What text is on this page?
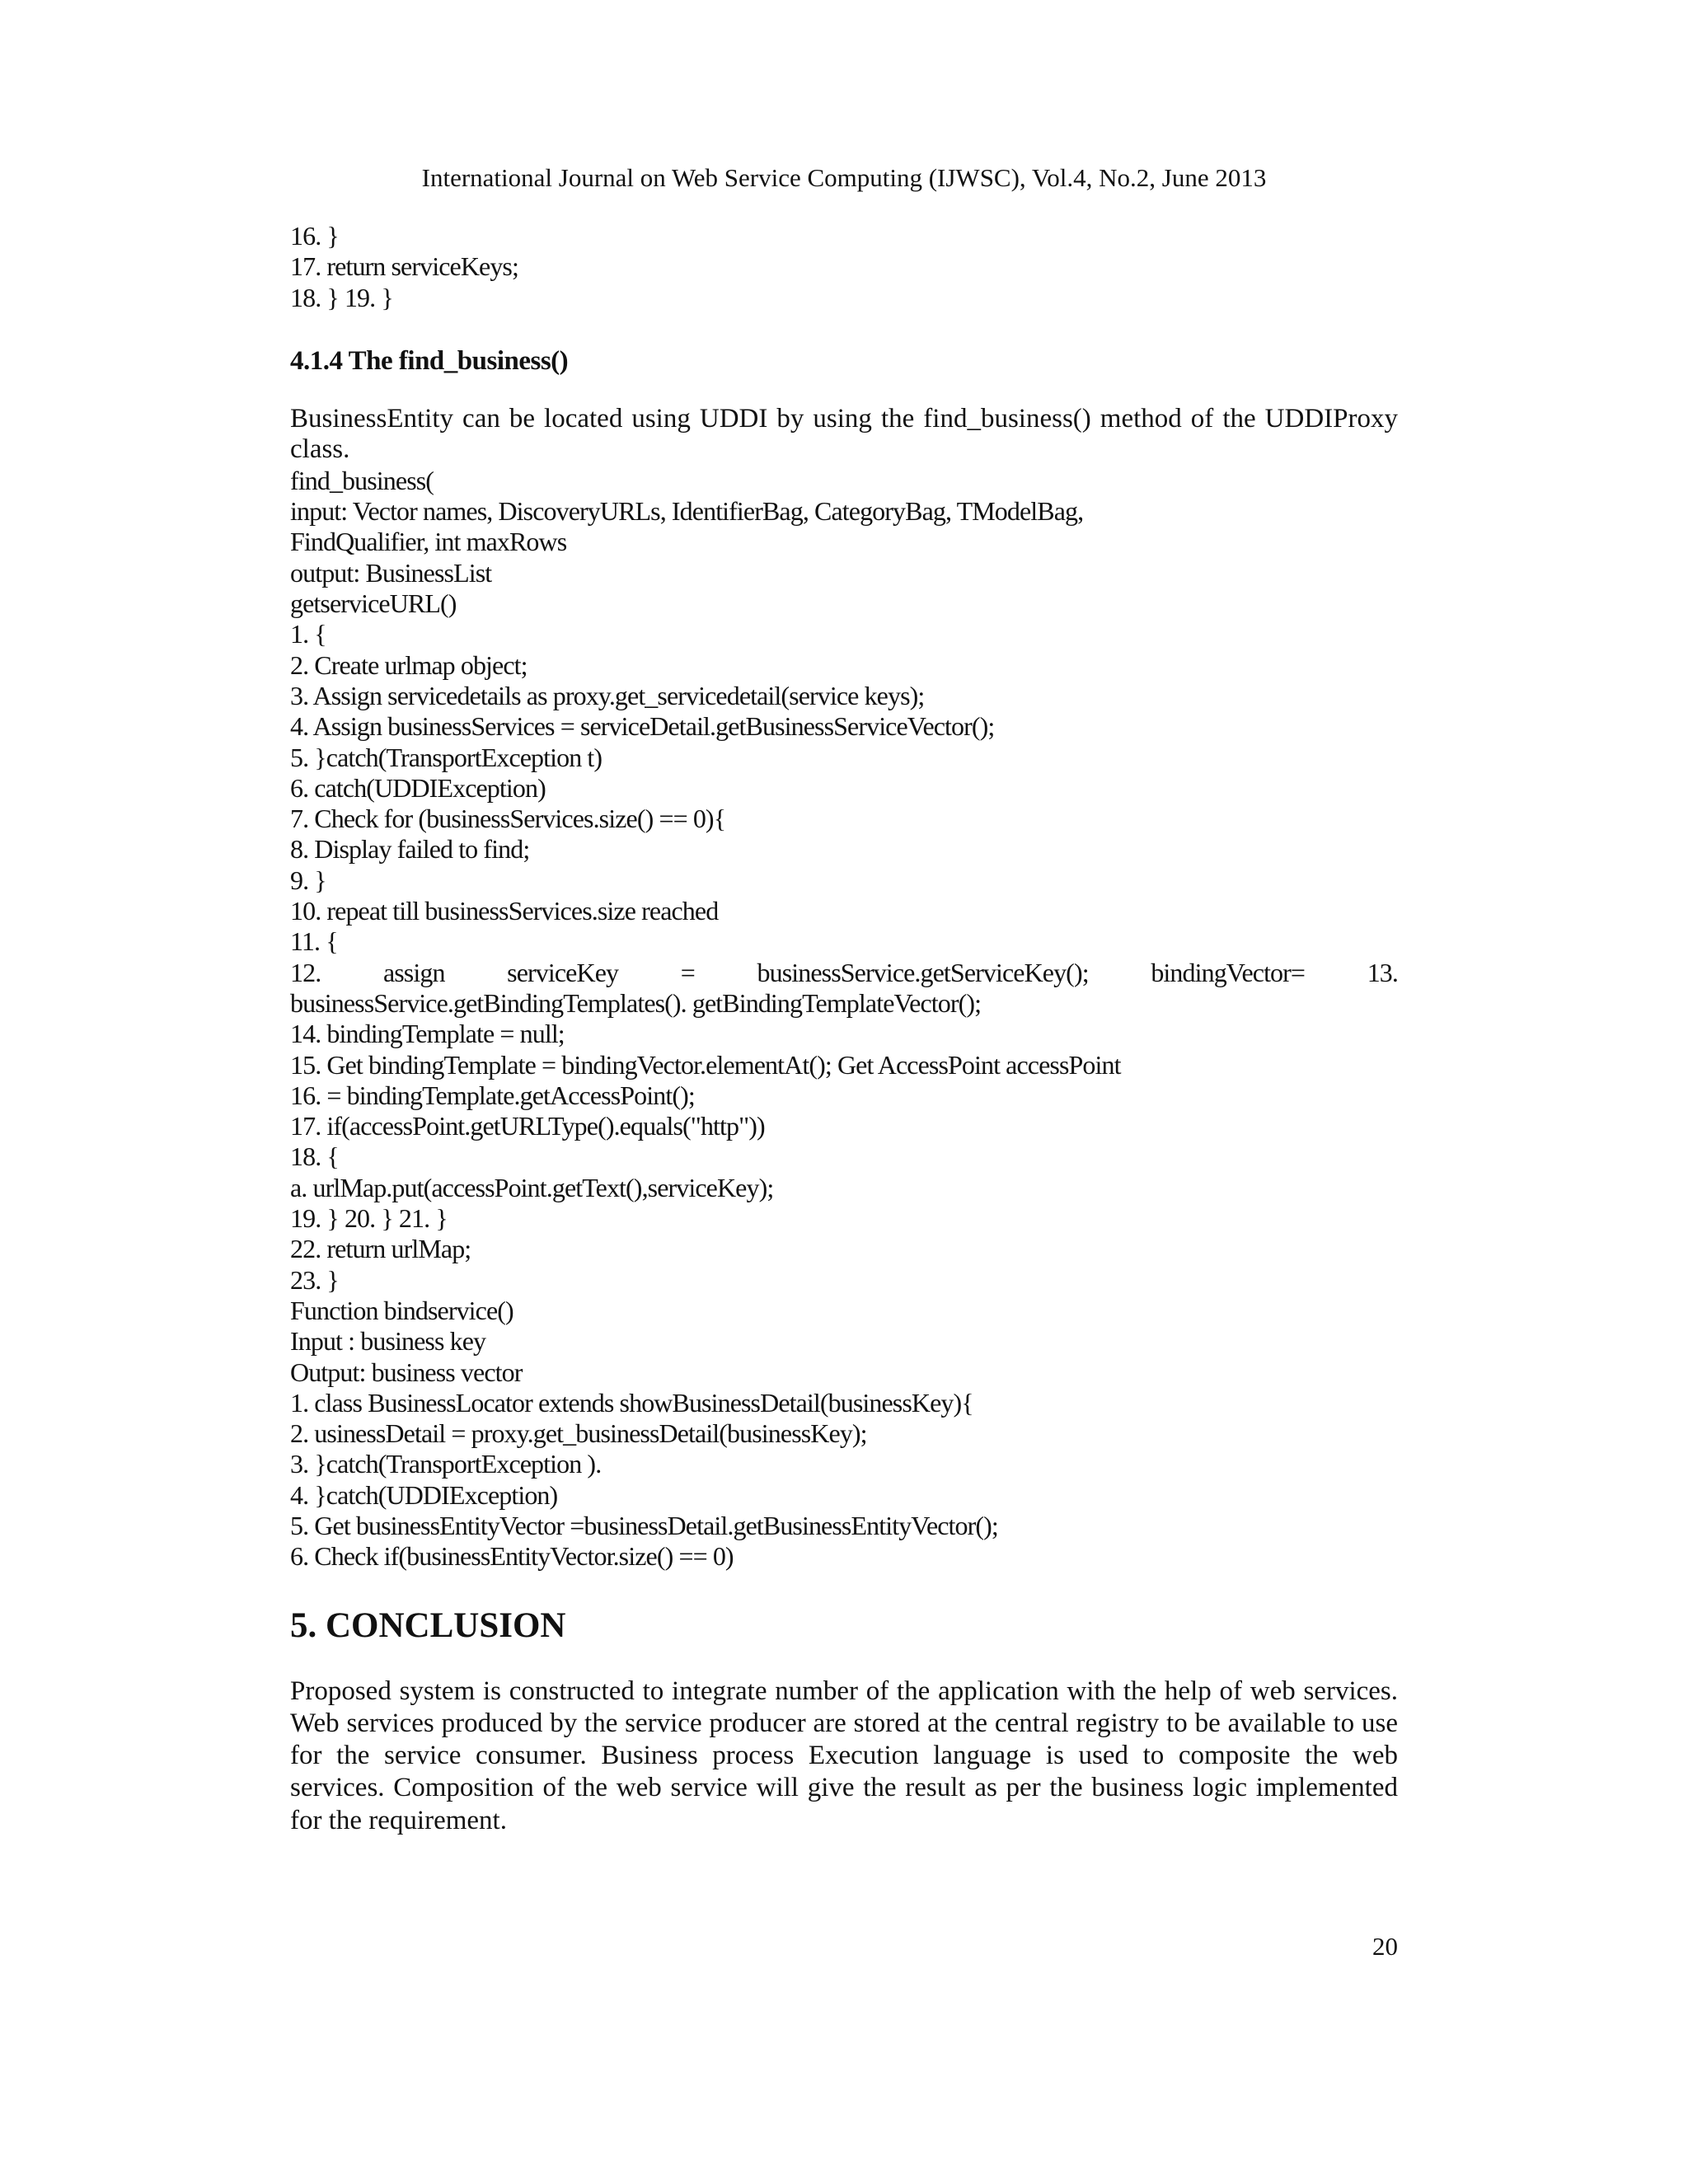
International Journal on Web Service Computing (IJWSC), Vol.4, No.2, June 2013
16. }
17. return serviceKeys;
18. } 19. }
4.1.4 The find_business()

BusinessEntity can be located using UDDI by using the find_business() method of the UDDIProxy class.

find_business(
input: Vector names, DiscoveryURLs, IdentifierBag, CategoryBag, TModelBag,
FindQualifier, int maxRows
output: BusinessList
getserviceURL()
1. {
2. Create urlmap object;
3. Assign servicedetails as proxy.get_servicedetail(service keys);
4. Assign businessServices = serviceDetail.getBusinessServiceVector();
5. }catch(TransportException t)
6. catch(UDDIException)
7. Check for (businessServices.size() == 0){
8. Display failed to find;
9. }
10. repeat till businessServices.size reached
11. {
12. assign serviceKey = businessService.getServiceKey(); bindingVector= 13.
businessService.getBindingTemplates(). getBindingTemplateVector();
14. bindingTemplate = null;
15. Get bindingTemplate = bindingVector.elementAt(); Get AccessPoint accessPoint
16. = bindingTemplate.getAccessPoint();
17. if(accessPoint.getURLType().equals("http"))
18. {
a. urlMap.put(accessPoint.getText(),serviceKey);
19. } 20. } 21. }
22. return urlMap;
23. }
Function bindservice()
Input : business key
Output: business vector
1. class BusinessLocator extends showBusinessDetail(businessKey){
2. usinessDetail = proxy.get_businessDetail(businessKey);
3. }catch(TransportException ).
4. }catch(UDDIException)
5. Get businessEntityVector =businessDetail.getBusinessEntityVector();
6. Check if(businessEntityVector.size() == 0)
5. CONCLUSION

Proposed system is constructed to integrate number of the application with the help of web services. Web services produced by the service producer are stored at the central registry to be available to use for the service consumer. Business process Execution language is used to composite the web services. Composition of the web service will give the result as per the business logic implemented for the requirement.

20
